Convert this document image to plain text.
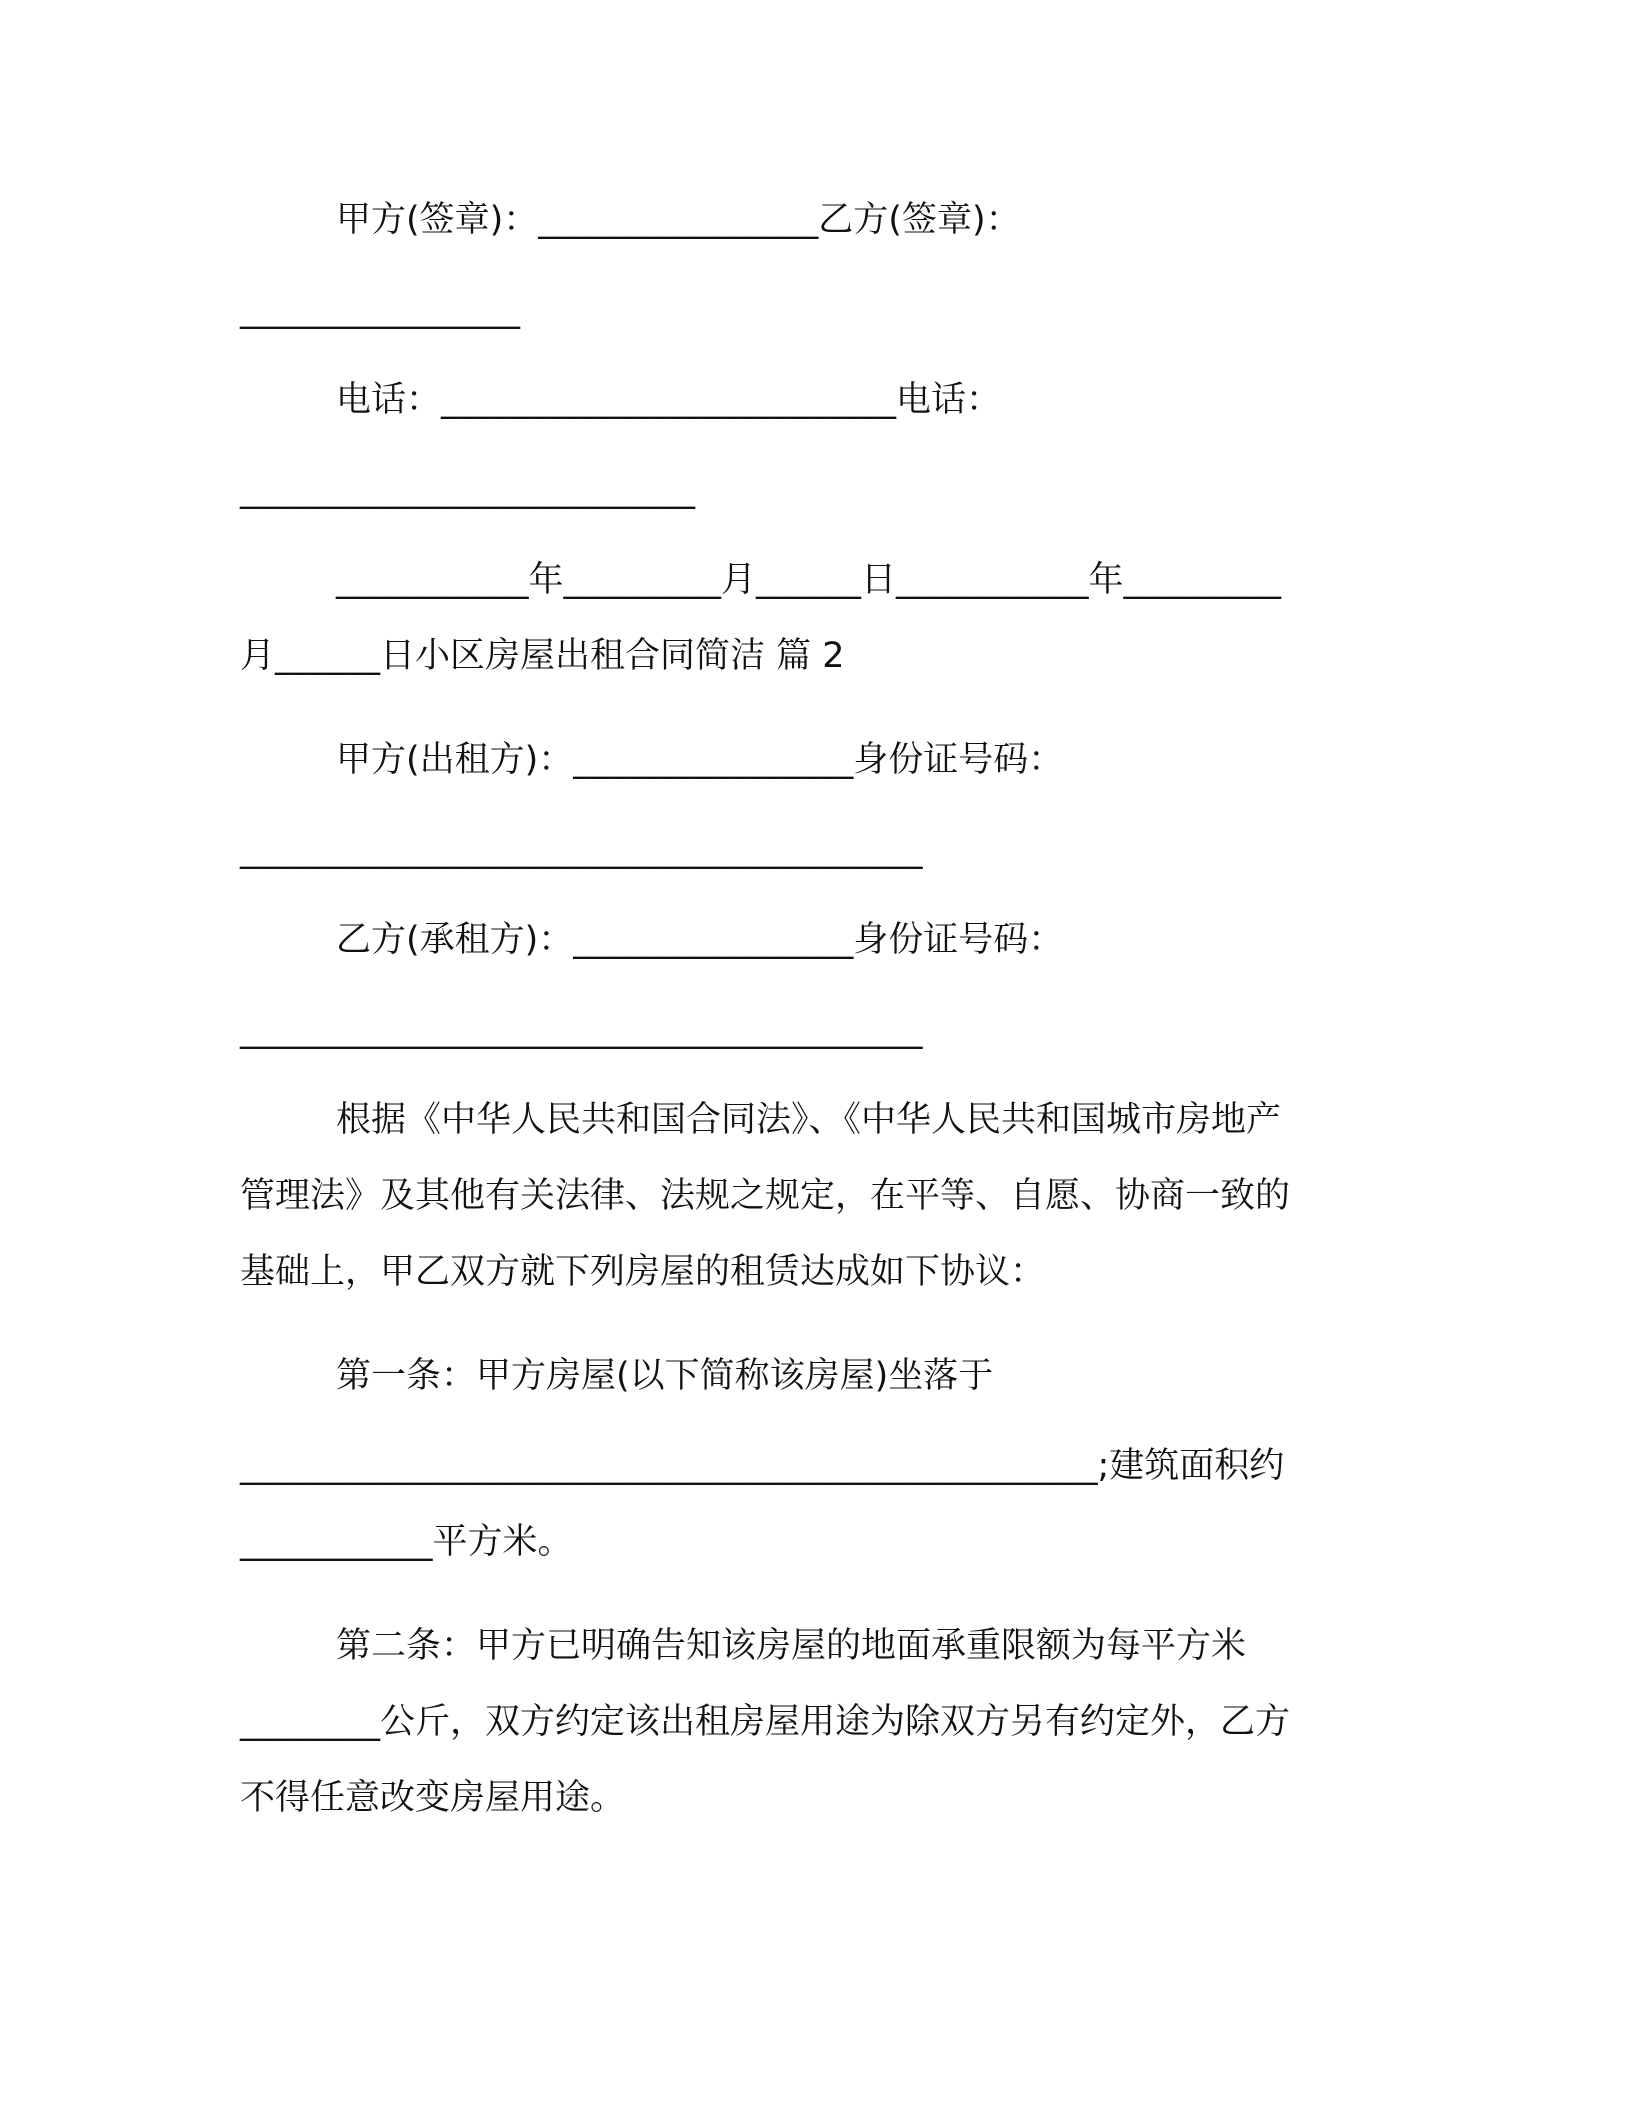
甲方(签章)：________________乙方(签章)：
________________
电话：__________________________电话：
__________________________
___________年_________月______日___________年_________
月______日小区房屋出租合同简洁 篇 2
甲方(出租方)：________________身份证号码：
_______________________________________
乙方(承租方)：________________身份证号码：
_______________________________________
根据《中华人民共和国合同法》、《中华人民共和国城市房地产
管理法》及其他有关法律、法规之规定，在平等、自愿、协商一致的
基础上，甲乙双方就下列房屋的租赁达成如下协议：
第一条：甲方房屋(以下简称该房屋)坐落于
_________________________________________________;建筑面积约
___________平方米。
第二条：甲方已明确告知该房屋的地面承重限额为每平方米
________公斤，双方约定该出租房屋用途为除双方另有约定外，乙方
不得任意改变房屋用途。
